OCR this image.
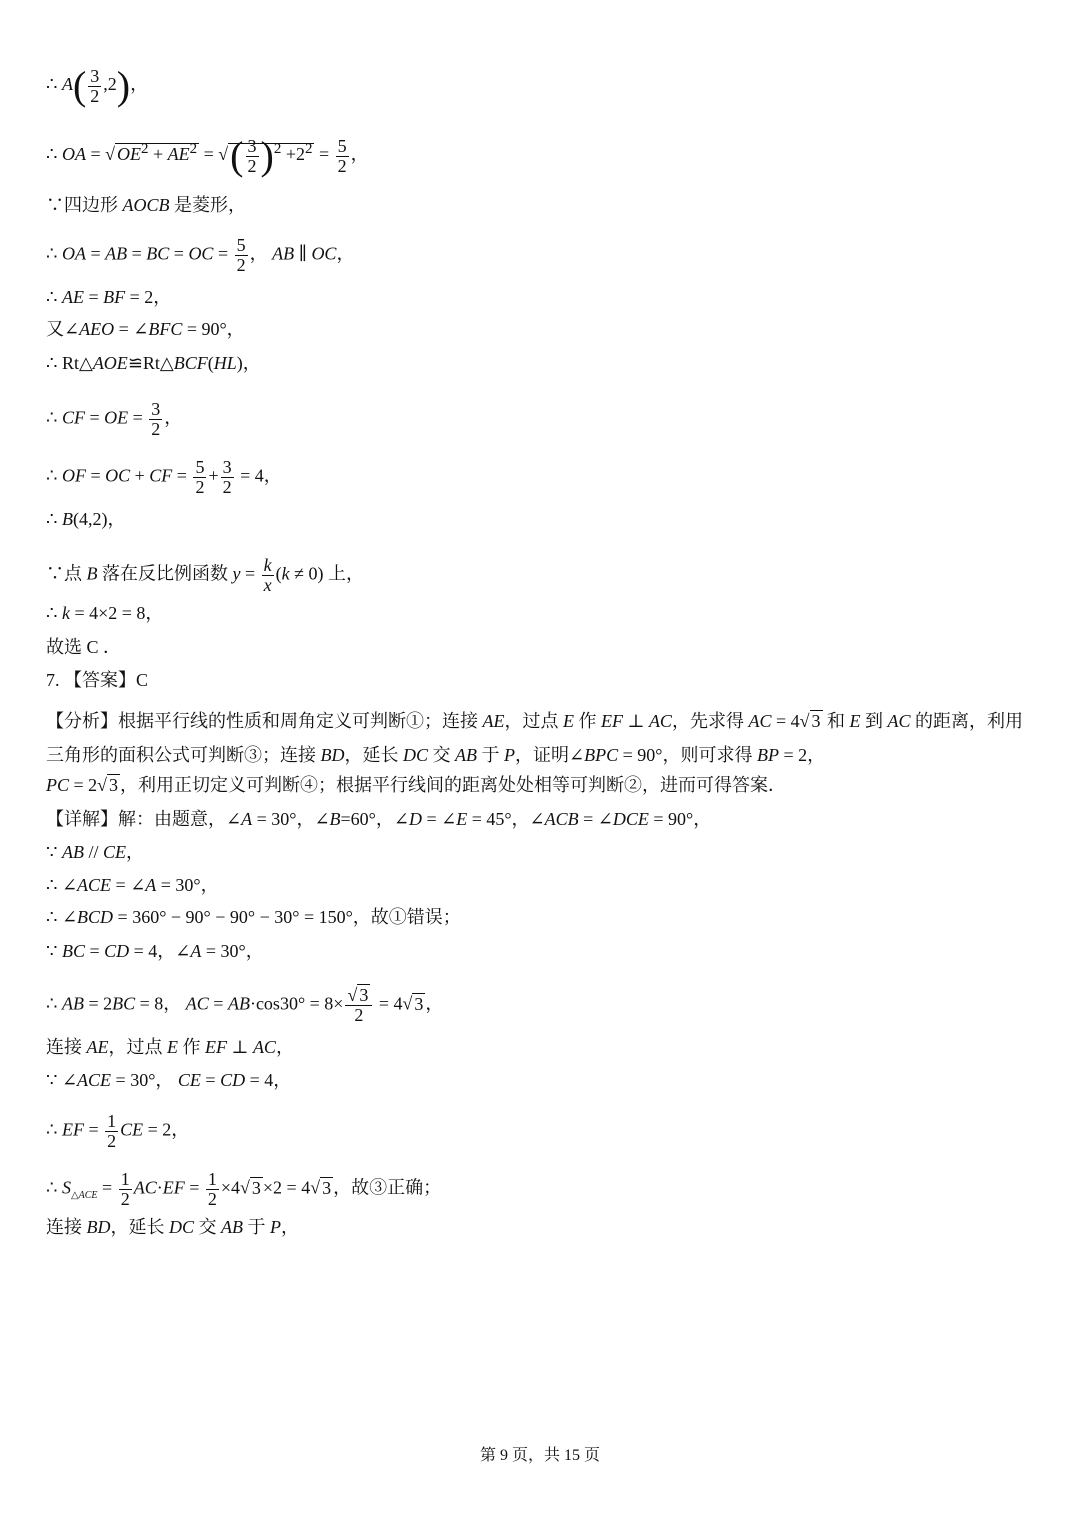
∴ $A( \frac{3}{2} ,2)$，
∴ OA = √ $OE^2 + AE^2$ = √( $\frac{3}{2} )^2 +2^2 = \frac{5}{2}$ ，
∵四边形 AOCB 是菱形，
∴ OA = AB = BC = OC = $\frac{5}{2}$ ， AB ∥ OC，
∴ AE = BF = 2，
又∠AEO = ∠BFC = 90°，
∴ Rt△AOE≌Rt△BCF(HL)，
∴ CF = OE = $\frac{3}{2}$ ，
∴ OF = OC + CF = $\frac{5}{2} + \frac{3}{2} = 4$，
∴ B(4,2)，
∵点 B 落在反比例函数 $y = \frac{k}{x} (k \ne 0)$ 上，
∴ k = 4×2 = 8，
故选 C ．
7. 【答案】C
【分析】根据平行线的性质和周角定义可判断①；连接 AE，过点 E 作 EF ⊥ AC，先求得 AC = 4√ 3 和 E 到 AC 的距离，利用三角形的面积公式可判断③；连接 BD，延长 DC 交 AB 于 P，证明∠BPC = 90°，则可求得 BP = 2，
PC = 2√ 3 ，利用正切定义可判断④；根据平行线间的距离处处相等可判断②，进而可得答案．
【详解】解：由题意，∠A = 30°，∠B=60°，∠D = ∠E = 45°，∠ACB = ∠DCE = 90°，
∵ AB // CE，
∴ ∠ACE = ∠A = 30°，
∴ ∠BCD = 360° − 90° − 90° − 30° = 150°，故①错误；
∵ BC = CD = 4，∠A = 30°，
∴ AB = 2BC = 8， AC = $AB\cdot\cos 30^\circ = 8\times \frac{√ 3}{2} = 4√$ 3 ，
连接 AE，过点 E 作 EF ⊥ AC，
∵ ∠ACE = 30°， CE = CD = 4，
∴ EF = $\frac{1}{2}$ CE = 2，
∴ $S_{\triangle ACE} = \frac{1}{2} AC\cdot EF = \frac{1}{2} \times 4√$ 3 ×2 = 4√ 3 ，故③正确；
连接 BD，延长 DC 交 AB 于 P，
第 9 页，共 15 页
